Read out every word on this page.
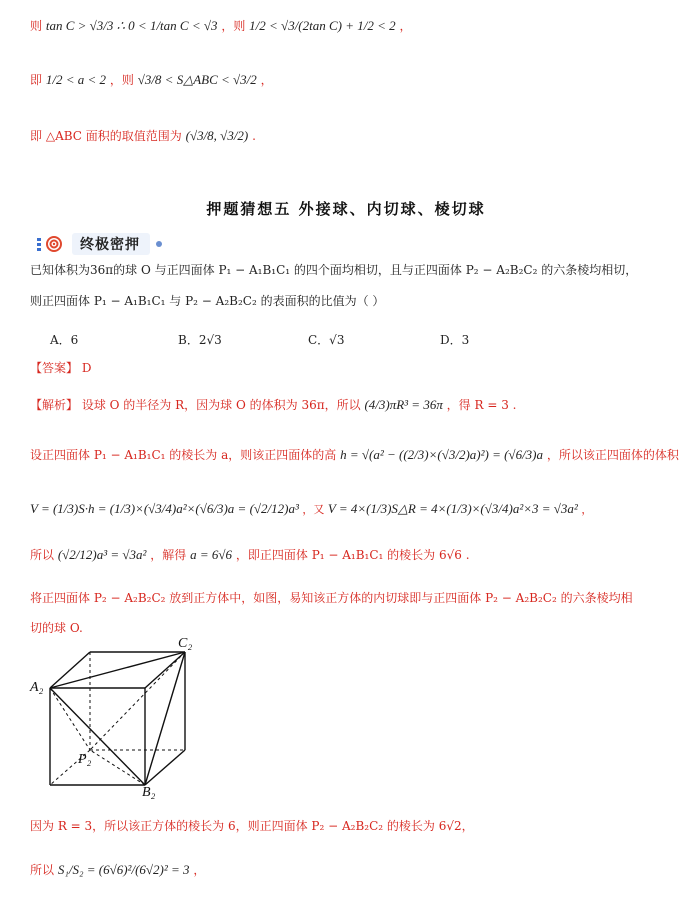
则 tan C > √3/3 ∴ 0 < 1/tan C < √3 ，则 1/2 < √3/(2tan C) + 1/2 < 2 ，
即 1/2 < a < 2 ，则 √3/8 < S△ABC < √3/2 ，
即 △ABC 面积的取值范围为 (√3/8, √3/2) .
押题猜想五 外接球、内切球、棱切球
终极密押
已知体积为36π的球 O 与正四面体 P₁ − A₁B₁C₁ 的四个面均相切，且与正四面体 P₂ − A₂B₂C₂ 的六条棱均相切，
则正四面体 P₁ − A₁B₁C₁ 与 P₂ − A₂B₂C₂ 的表面积的比值为（ ）
A．6	B．2√3	C．√3	D．3
【答案】 D
【解析】 设球 O 的半径为 R，因为球 O 的体积为 36π，所以 (4/3)πR³ = 36π ，得 R = 3 .
设正四面体 P₁ − A₁B₁C₁ 的棱长为 a，则该正四面体的高 h = √(a² − ((2/3)×(√3/2)a)²) = (√6/3)a ，所以该正四面体的体积
V = (1/3)S·h = (1/3)×(√3/4)a²×(√6/3)a = (√2/12)a³ ，又 V = 4×(1/3)S△R = 4×(1/3)×(√3/4)a²×3 = √3a² ，
所以 (√2/12)a³ = √3a² ，解得 a = 6√6 ，即正四面体 P₁ − A₁B₁C₁ 的棱长为 6√6 .
将正四面体 P₂ − A₂B₂C₂ 放到正方体中，如图，易知该正方体的内切球即与正四面体 P₂ − A₂B₂C₂ 的六条棱均相
切的球 O.
C₂
A₂
P₂
B₂
因为 R = 3，所以该正方体的棱长为 6，则正四面体 P₂ − A₂B₂C₂ 的棱长为 6√2，
所以 S₁/S₂ = (6√6)²/(6√2)² = 3 ，
